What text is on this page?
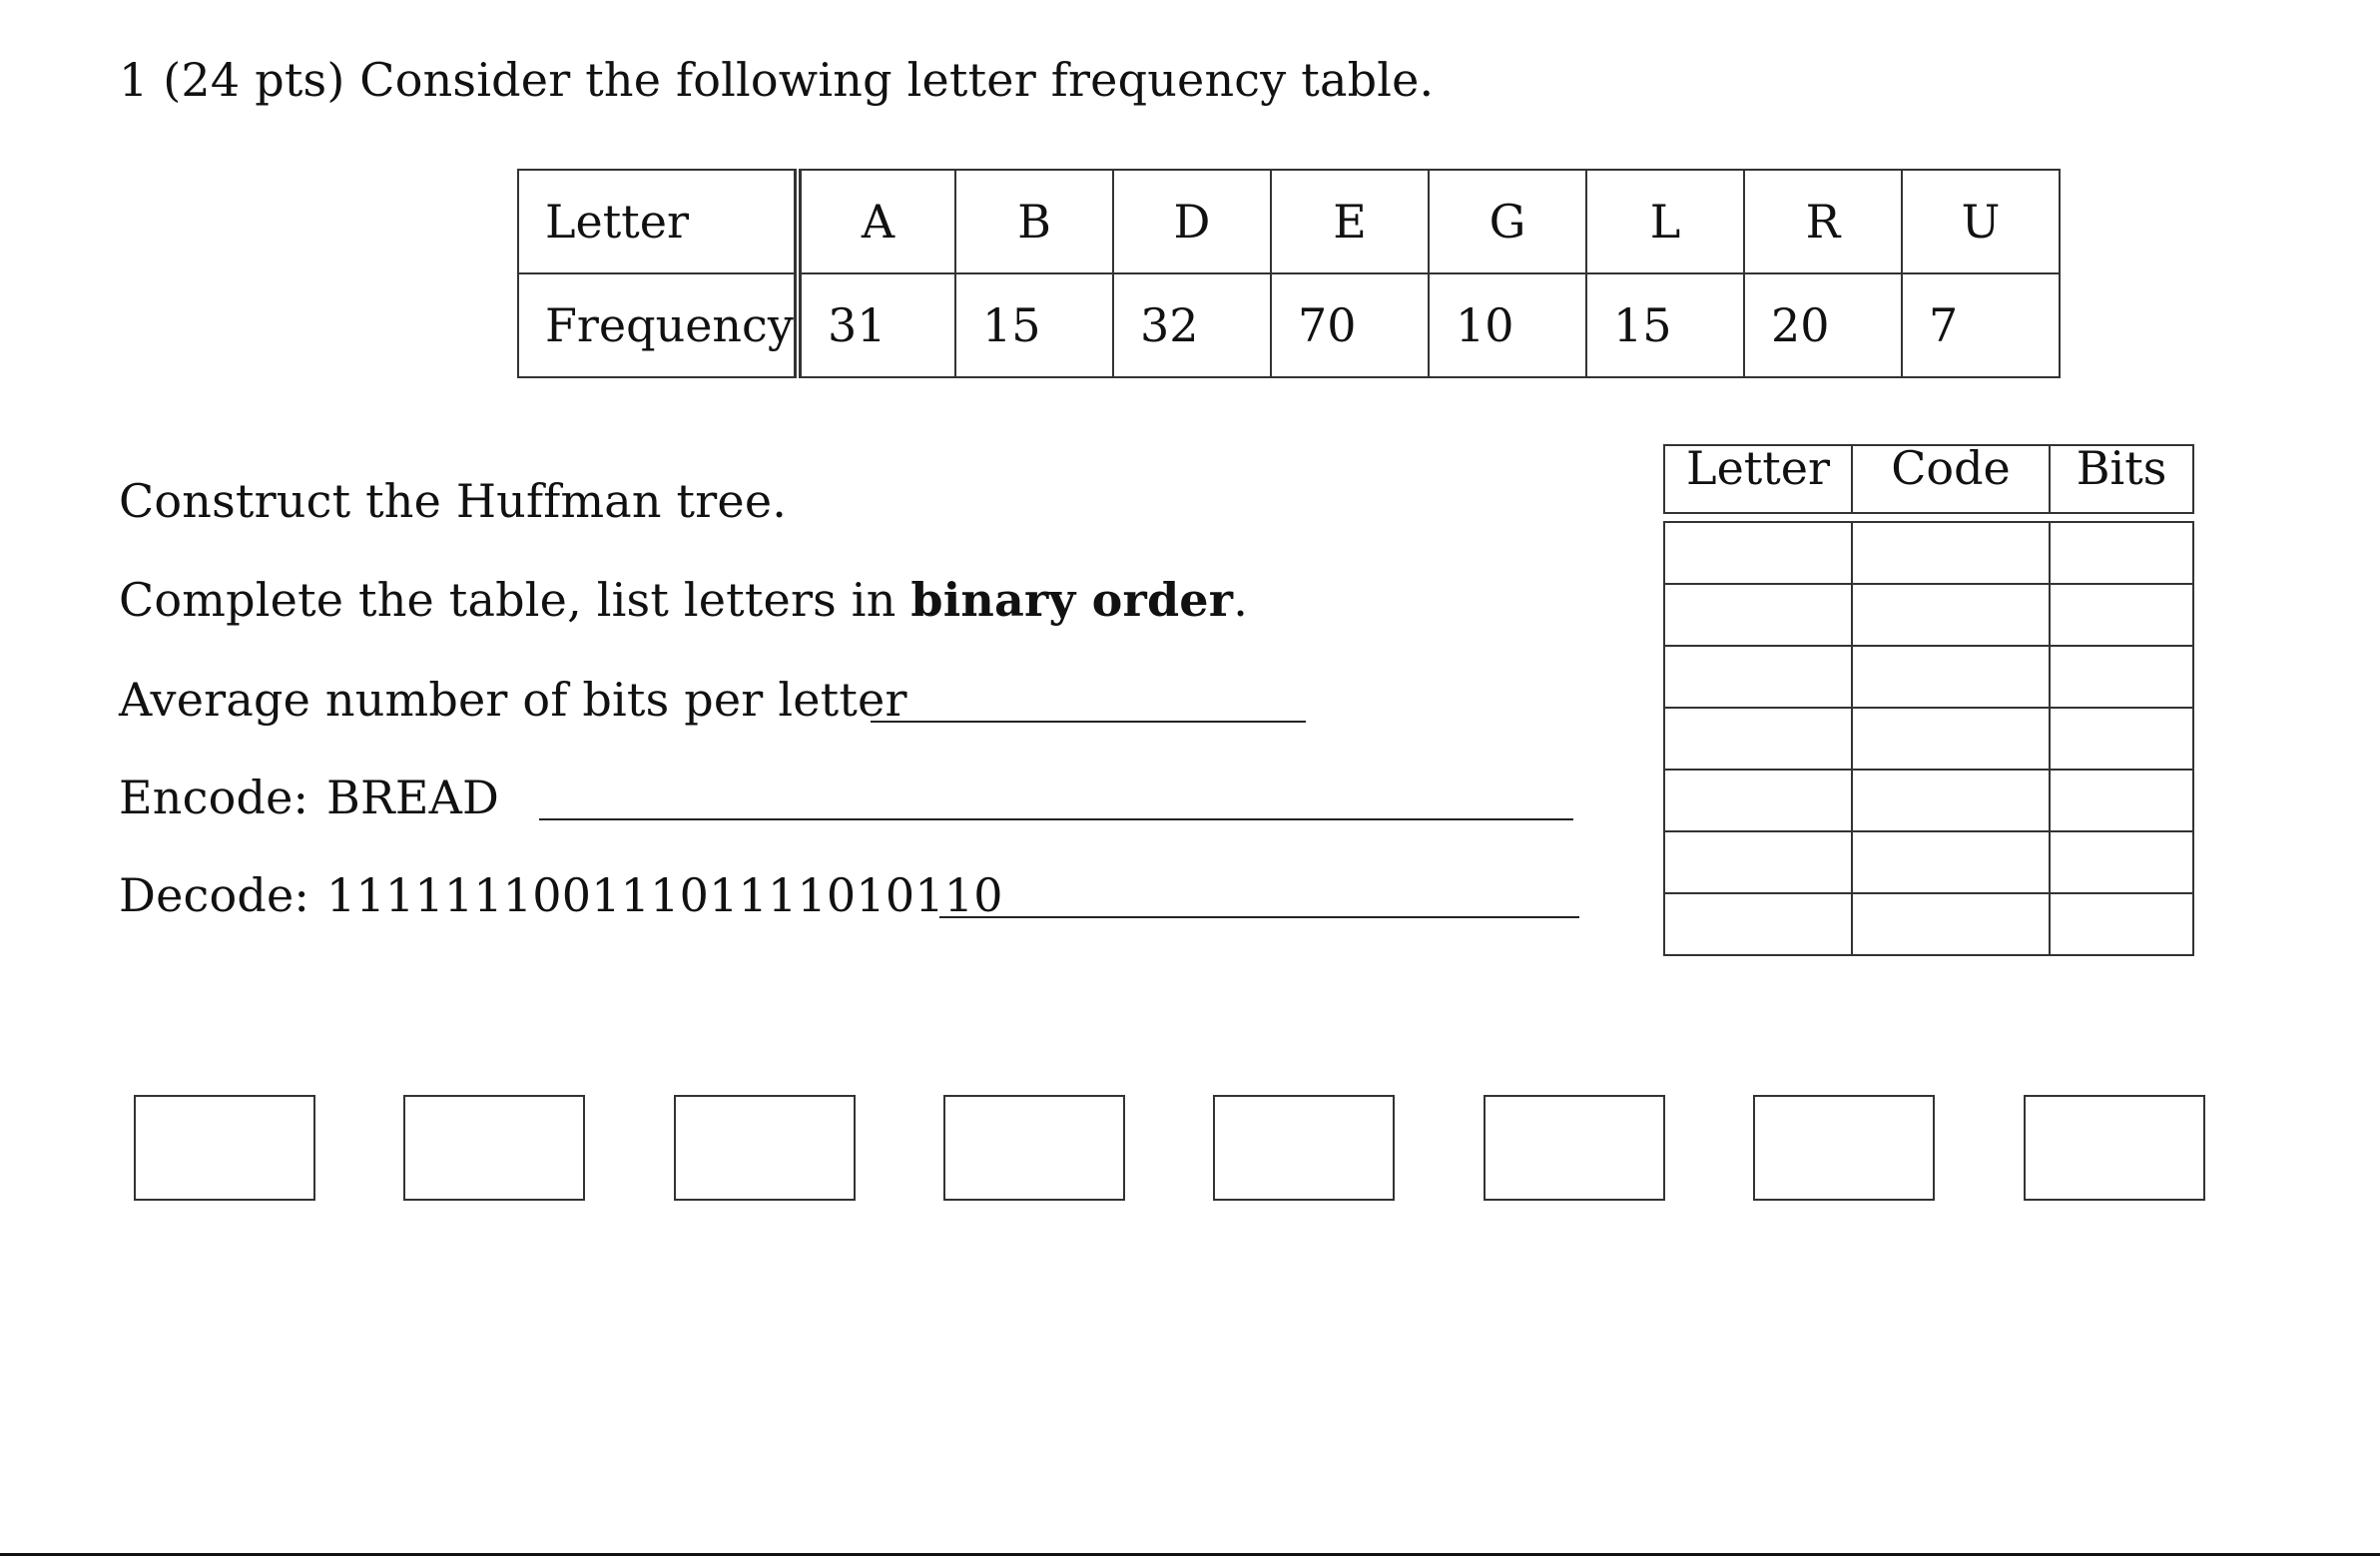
1 (24 pts) Consider the following letter frequency table.
Letter	A	B	D	E	G	L	R	U
Frequency	31	15	32	70	10	15	20	7
Construct the Huffman tree.
Complete the table, list letters in binary order.
Average number of bits per letter
Encode: BREAD
Decode: 11111110011101111010110
Letter	Code	Bits
